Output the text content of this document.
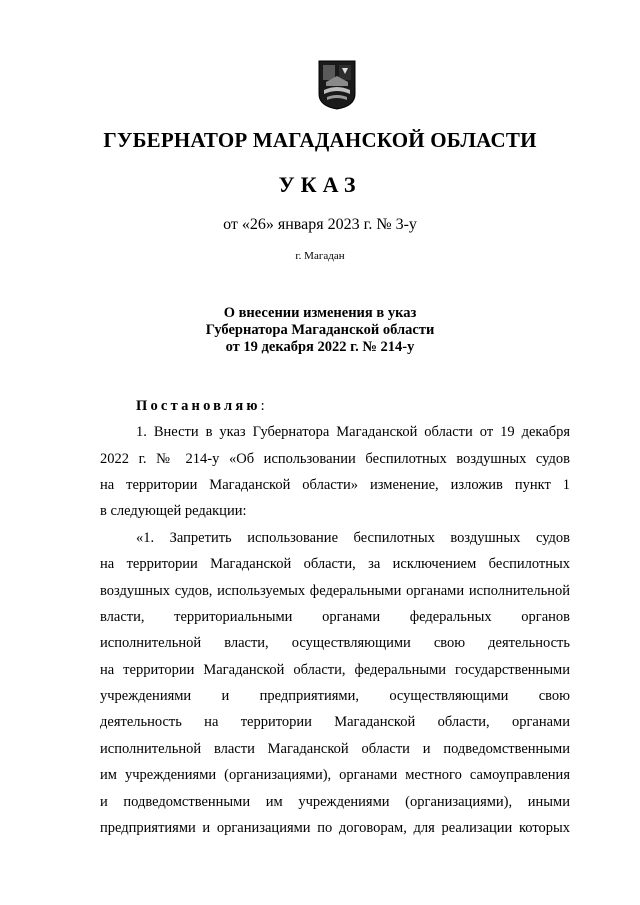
ГУБЕРНАТОР МАГАДАНСКОЙ ОБЛАСТИ
УКАЗ
от «26» января 2023 г. № 3-у
г. Магадан
О внесении изменения в указ
Губернатора Магаданской области
от 19 декабря 2022 г. № 214-у
Постановляю:
1. Внести в указ Губернатора Магаданской области от 19 декабря
2022 г. № 214-у «Об использовании беспилотных воздушных судов
на территории Магаданской области» изменение, изложив пункт 1
в следующей редакции:
«1. Запретить использование беспилотных воздушных судов
на территории Магаданской области, за исключением беспилотных
воздушных судов, используемых федеральными органами исполнительной
власти, территориальными органами федеральных органов
исполнительной власти, осуществляющими свою деятельность
на территории Магаданской области, федеральными государственными
учреждениями и предприятиями, осуществляющими свою
деятельность на территории Магаданской области, органами
исполнительной власти Магаданской области и подведомственными
им учреждениями (организациями), органами местного самоуправления
и подведомственными им учреждениями (организациями), иными
предприятиями и организациями по договорам, для реализации которых
